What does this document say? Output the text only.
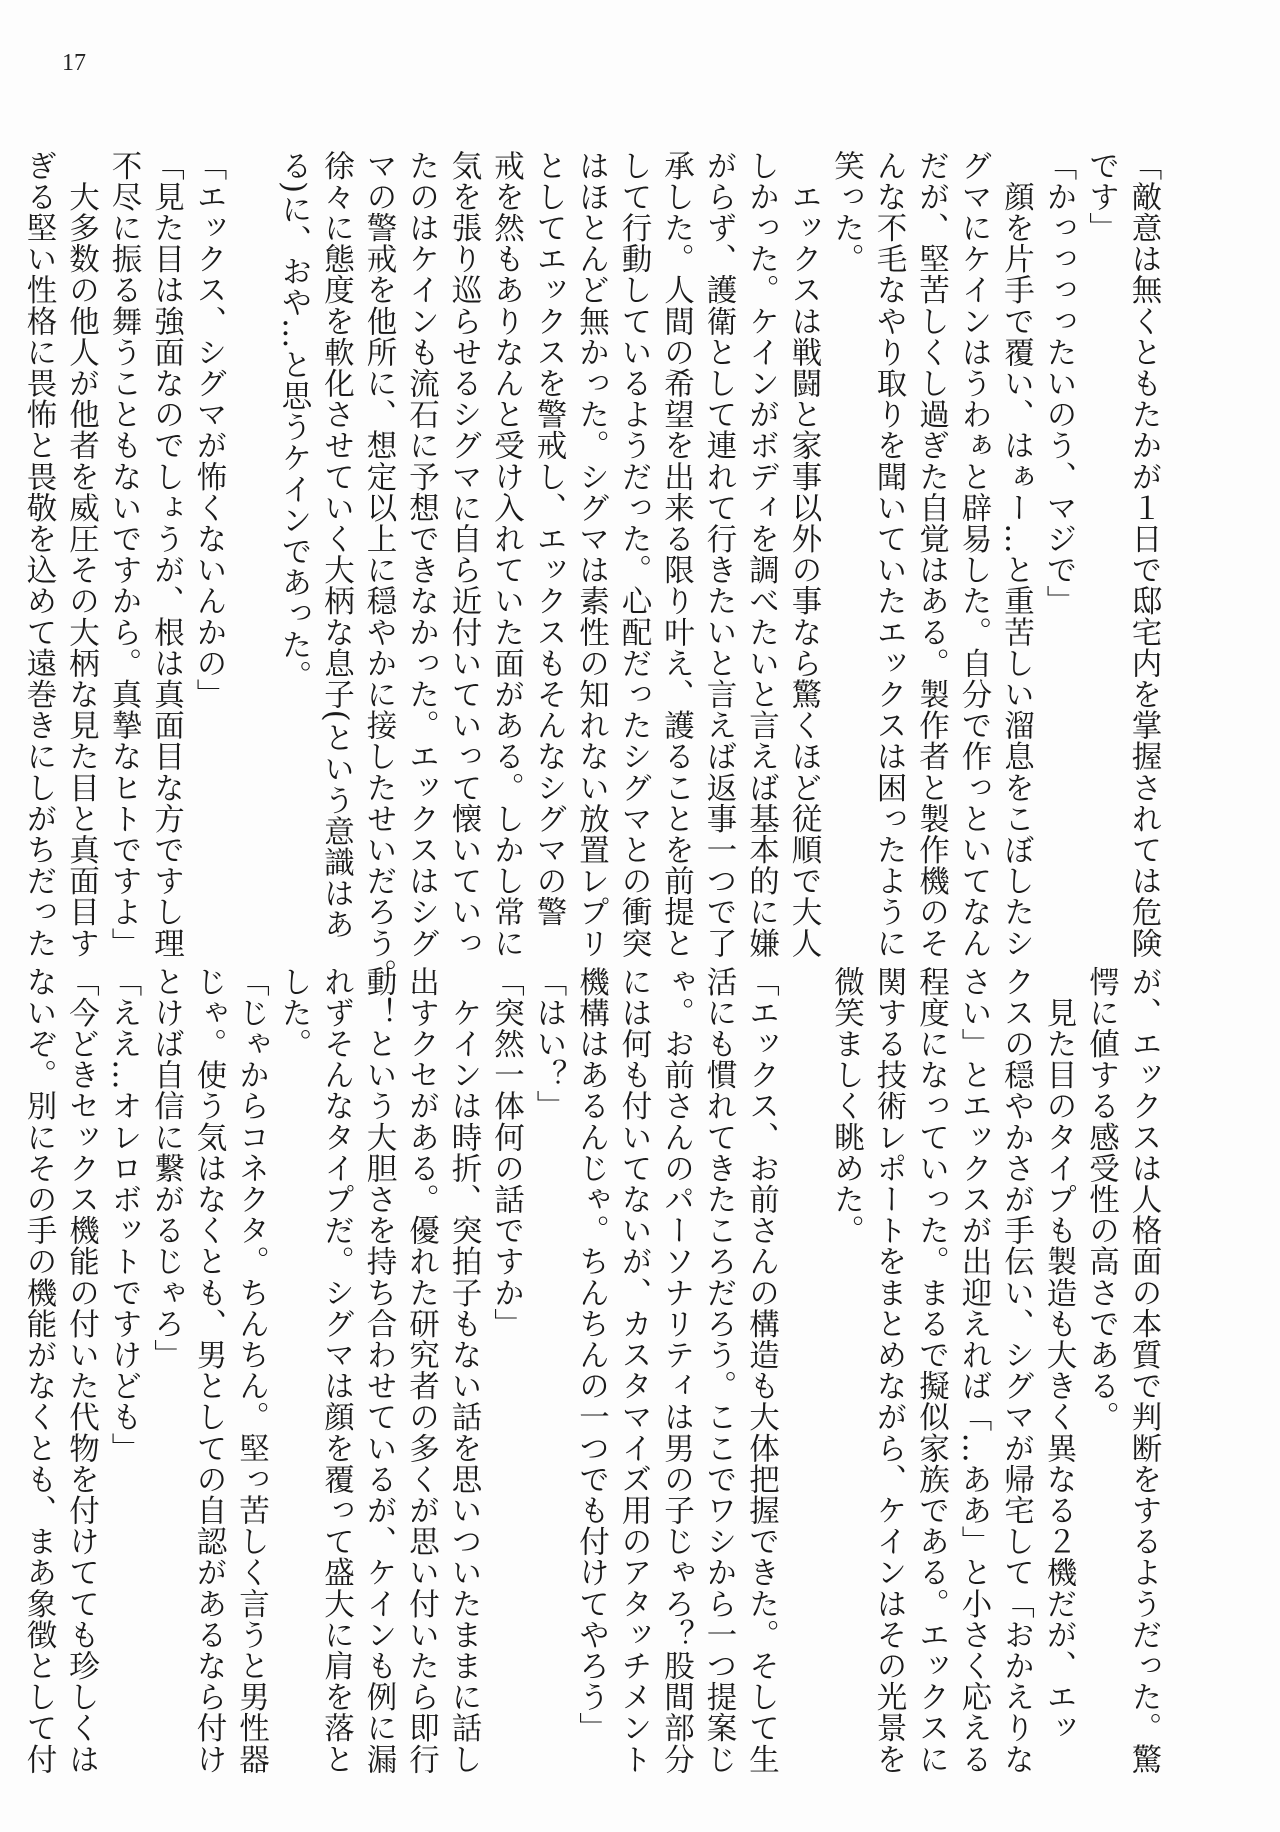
17
「敵意は無くともたかが１日で邸宅内を掌握されては危険
です」
「かっっっったいのう、マジで」
　顔を片手で覆い、はぁー…と重苦しい溜息をこぼしたシ
グマにケインはうわぁと辟易した。自分で作っといてなん
だが、堅苦しくし過ぎた自覚はある。製作者と製作機のそ
んな不毛なやり取りを聞いていたエックスは困ったように
笑った。
　エックスは戦闘と家事以外の事なら驚くほど従順で大人
しかった。ケインがボディを調べたいと言えば基本的に嫌
がらず、護衛として連れて行きたいと言えば返事一つで了
承した。人間の希望を出来る限り叶え、護ることを前提と
して行動しているようだった。心配だったシグマとの衝突
はほとんど無かった。シグマは素性の知れない放置レプリ
としてエックスを警戒し、エックスもそんなシグマの警
戒を然もありなんと受け入れていた面がある。しかし常に
気を張り巡らせるシグマに自ら近付いていって懐いていっ
たのはケインも流石に予想できなかった。エックスはシグ
マの警戒を他所に、想定以上に穏やかに接したせいだろう。
徐々に態度を軟化させていく大柄な息子(という意識はあ
る)に、おや…と思うケインであった。
「エックス、シグマが怖くないんかの」
「見た目は強面なのでしょうが、根は真面目な方ですし理
不尽に振る舞うこともないですから。真摯なヒトですよ」
　大多数の他人が他者を威圧その大柄な見た目と真面目す
ぎる堅い性格に畏怖と畏敬を込めて遠巻きにしがちだった
が、エックスは人格面の本質で判断をするようだった。驚
愕に値する感受性の高さである。
　見た目のタイプも製造も大きく異なる２機だが、エッ
クスの穏やかさが手伝い、シグマが帰宅して「おかえりな
さい」とエックスが出迎えれば「…ああ」と小さく応える
程度になっていった。まるで擬似家族である。エックスに
関する技術レポートをまとめながら、ケインはその光景を
微笑ましく眺めた。
「エックス、お前さんの構造も大体把握できた。そして生
活にも慣れてきたころだろう。ここでワシから一つ提案じ
ゃ。お前さんのパーソナリティは男の子じゃろ？股間部分
には何も付いてないが、カスタマイズ用のアタッチメント
機構はあるんじゃ。ちんちんの一つでも付けてやろう」
「はい？」
「突然一体何の話ですか」
　ケインは時折、突拍子もない話を思いついたままに話し
出すクセがある。優れた研究者の多くが思い付いたら即行
動！という大胆さを持ち合わせているが、ケインも例に漏
れずそんなタイプだ。シグマは顔を覆って盛大に肩を落と
した。
「じゃからコネクタ。ちんちん。堅っ苦しく言うと男性器
じゃ。使う気はなくとも、男としての自認があるなら付け
とけば自信に繋がるじゃろ」
「ええ…オレロボットですけども」
「今どきセックス機能の付いた代物を付けてても珍しくは
ないぞ。別にその手の機能がなくとも、まあ象徴として付
